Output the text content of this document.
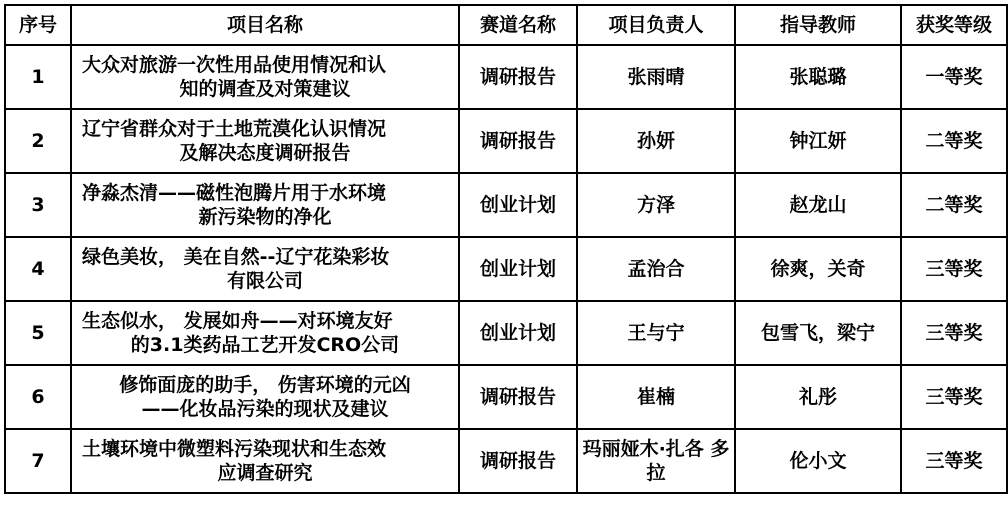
序号	项目名称	赛道名称	项目负责人	指导教师	获奖等级
1	大众对旅游一次性用品使用情况和认
知的调查及对策建议	调研报告	张雨晴	张聪璐	一等奖
2	辽宁省群众对于土地荒漠化认识情况
及解决态度调研报告	调研报告	孙妍	钟江妍	二等奖
3	净淼杰清——磁性泡腾片用于水环境
新污染物的净化	创业计划	方泽	赵龙山	二等奖
4	绿色美妆， 美在自然--辽宁花染彩妆
有限公司	创业计划	孟治合	徐爽，关奇	三等奖
5	生态似水， 发展如舟——对环境友好
的3.1类药品工艺开发CRO公司	创业计划	王与宁	包雪飞，梁宁	三等奖
6	修饰面庞的助手， 伤害环境的元凶
——化妆品污染的现状及建议	调研报告	崔楠	礼彤	三等奖
7	土壤环境中微塑料污染现状和生态效
应调查研究	调研报告	玛丽娅木·扎各 多拉	伦小文	三等奖
